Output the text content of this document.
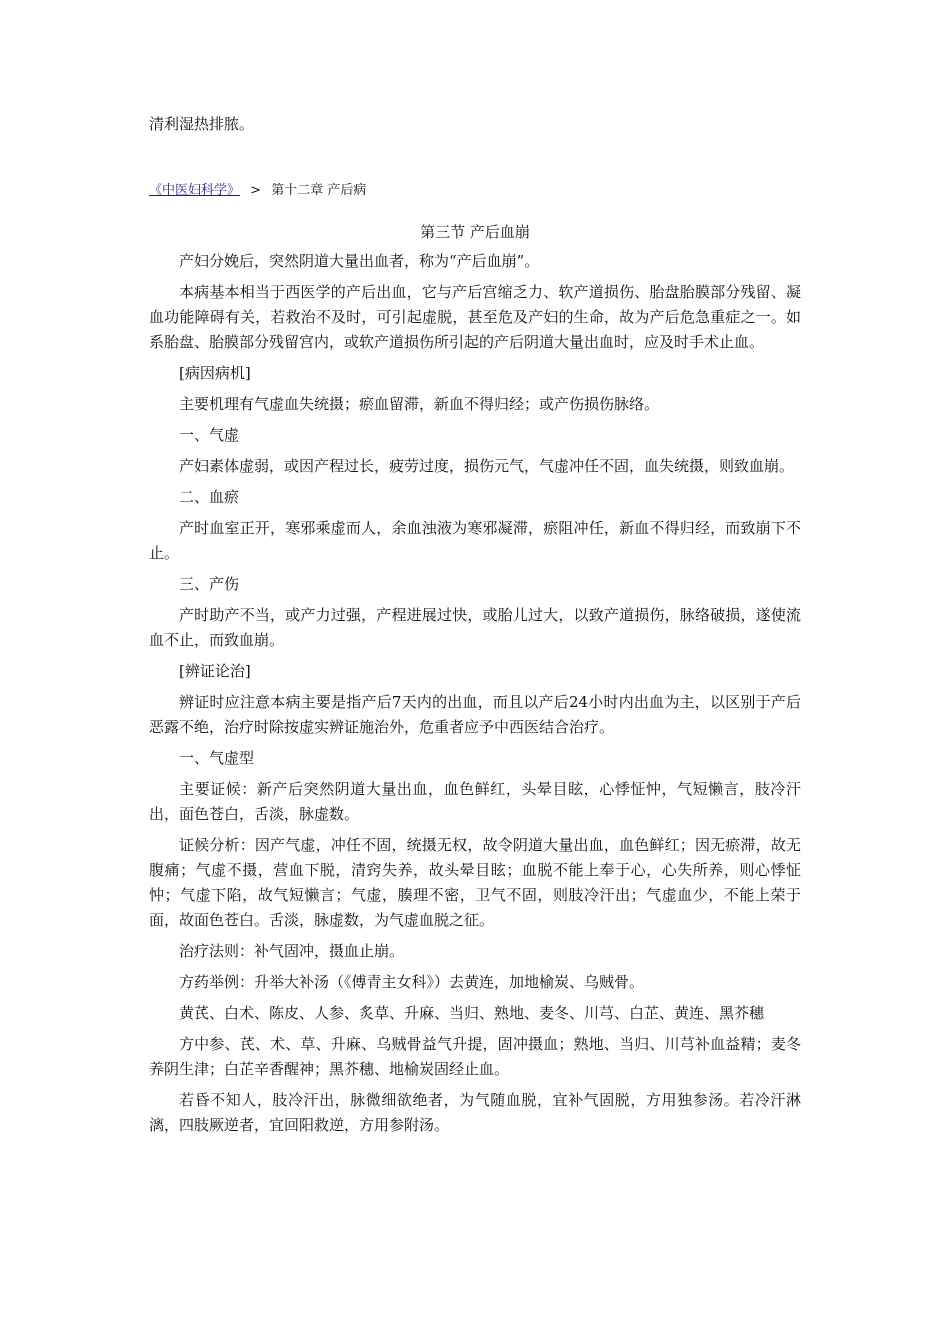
清利湿热排脓。
《中医妇科学》 > 第十二章 产后病
第三节 产后血崩

产妇分娩后，突然阴道大量出血者，称为“产后血崩”。

本病基本相当于西医学的产后出血，它与产后宫缩乏力、软产道损伤、胎盘胎膜部分残留、凝血功能障碍有关，若救治不及时，可引起虚脱，甚至危及产妇的生命，故为产后危急重症之一。如系胎盘、胎膜部分残留宫内，或软产道损伤所引起的产后阴道大量出血时，应及时手术止血。

[病因病机]

主要机理有气虚血失统摄；瘀血留滞，新血不得归经；或产伤损伤脉络。

一、气虚

产妇素体虚弱，或因产程过长，疲劳过度，损伤元气，气虚冲任不固，血失统摄，则致血崩。

二、血瘀

产时血室正开，寒邪乘虚而人，余血浊液为寒邪凝滞，瘀阻冲任，新血不得归经，而致崩下不止。

三、产伤

产时助产不当，或产力过强，产程进展过快，或胎儿过大，以致产道损伤，脉络破损，遂使流血不止，而致血崩。

[辨证论治]

辨证时应注意本病主要是指产后7天内的出血，而且以产后24小时内出血为主，以区别于产后恶露不绝，治疗时除按虚实辨证施治外，危重者应予中西医结合治疗。

一、气虚型

主要证候：新产后突然阴道大量出血，血色鲜红，头晕目眩，心悸怔忡，气短懒言，肢冷汗出，面色苍白，舌淡，脉虚数。

证候分析：因产气虚，冲任不固，统摄无权，故令阴道大量出血，血色鲜红；因无瘀滞，故无腹痛；气虚不摄，营血下脱，清窍失养，故头晕目眩；血脱不能上奉于心，心失所养，则心悸怔忡；气虚下陷，故气短懒言；气虚，腠理不密，卫气不固，则肢冷汗出；气虚血少，不能上荣于面，故面色苍白。舌淡，脉虚数，为气虚血脱之征。

治疗法则：补气固冲，摄血止崩。

方药举例：升举大补汤（《傅青主女科》）去黄连，加地榆炭、乌贼骨。

黄芪、白术、陈皮、人参、炙草、升麻、当归、熟地、麦冬、川芎、白芷、黄连、黑芥穗

方中参、芪、术、草、升麻、乌贼骨益气升提，固冲摄血；熟地、当归、川芎补血益精；麦冬养阴生津；白芷辛香醒神；黑芥穗、地榆炭固经止血。

若昏不知人，肢冷汗出，脉微细欲绝者，为气随血脱，宜补气固脱，方用独参汤。若冷汗淋漓，四肢厥逆者，宜回阳救逆，方用参附汤。
